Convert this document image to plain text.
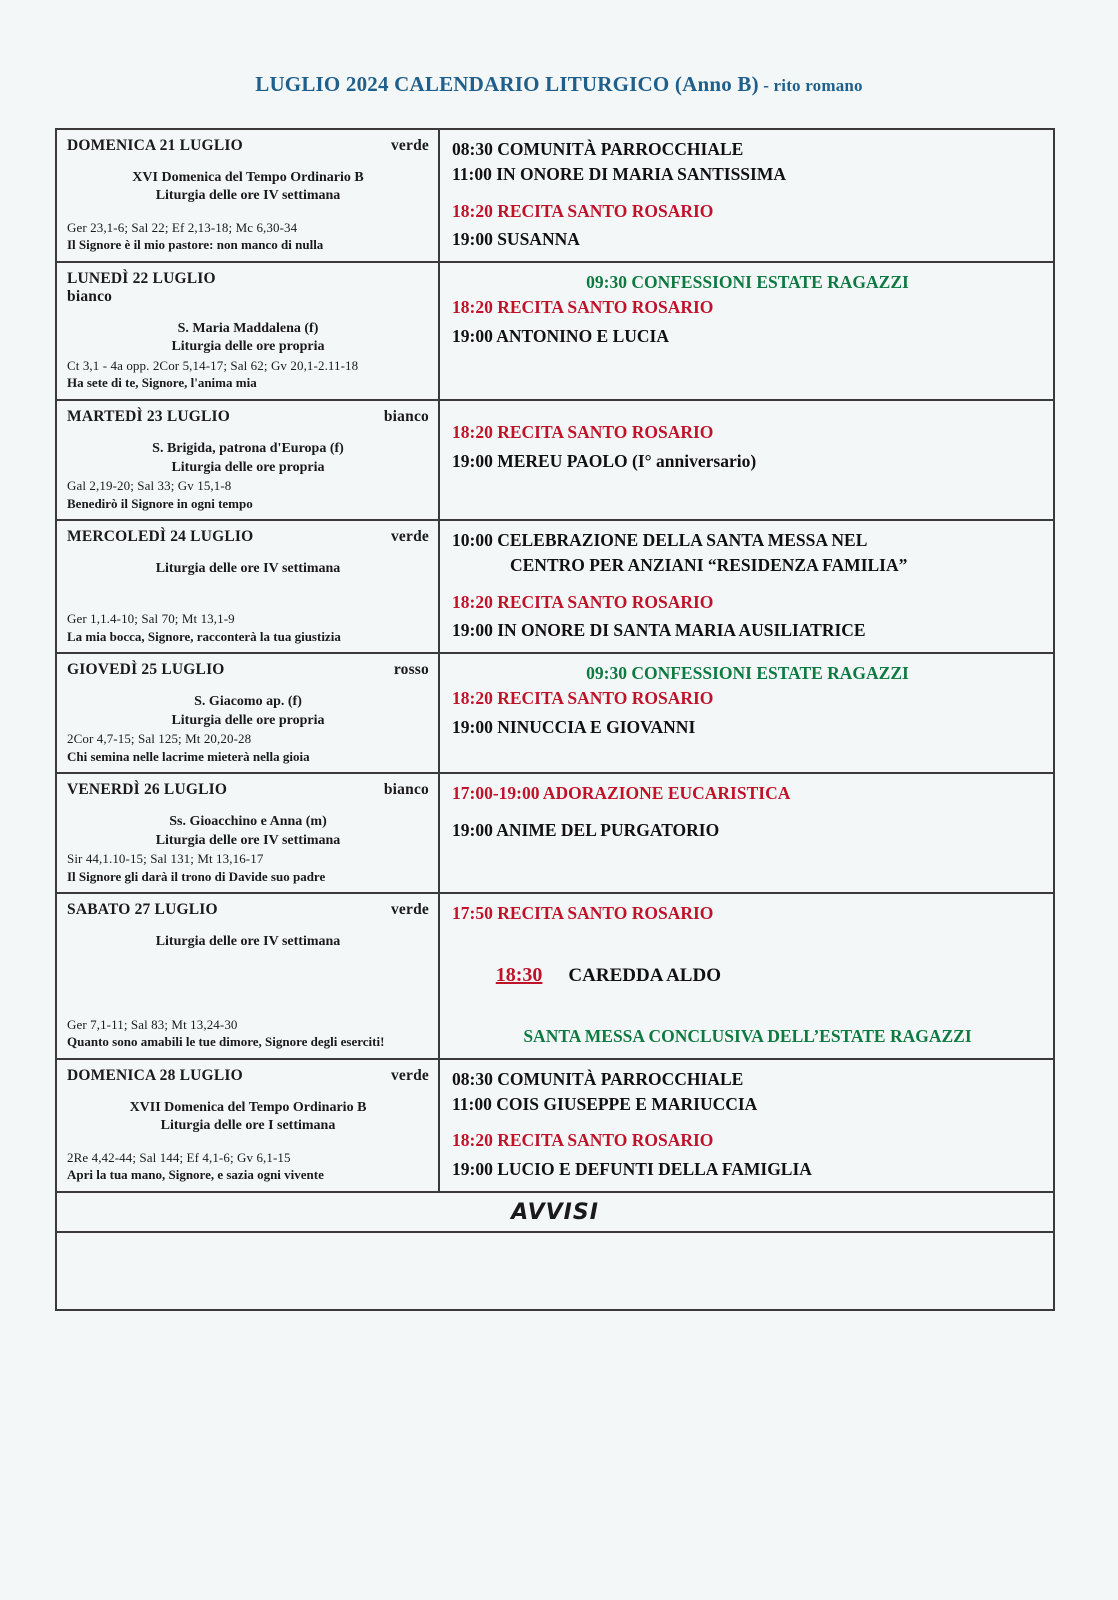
LUGLIO 2024 CALENDARIO LITURGICO (Anno B) - rito romano
DOMENICA 21 LUGLIO	verde
XVI Domenica del Tempo Ordinario B
Liturgia delle ore IV settimana
Ger 23,1-6; Sal 22; Ef 2,13-18; Mc 6,30-34
Il Signore è il mio pastore: non manco di nulla
08:30 COMUNITÀ PARROCCHIALE
11:00 IN ONORE DI MARIA SANTISSIMA
18:20 RECITA SANTO ROSARIO
19:00 SUSANNA
LUNEDÌ 22 LUGLIO
bianco
S. Maria Maddalena (f)
Liturgia delle ore propria
Ct 3,1 - 4a opp. 2Cor 5,14-17; Sal 62; Gv 20,1-2.11-18
Ha sete di te, Signore, l'anima mia
09:30 CONFESSIONI ESTATE RAGAZZI
18:20 RECITA SANTO ROSARIO
19:00 ANTONINO E LUCIA
MARTEDÌ 23 LUGLIO	bianco
S. Brigida, patrona d'Europa (f)
Liturgia delle ore propria
Gal 2,19-20; Sal 33; Gv 15,1-8
Benedirò il Signore in ogni tempo
18:20 RECITA SANTO ROSARIO
19:00 MEREU PAOLO (I° anniversario)
MERCOLEDÌ 24 LUGLIO	verde
Liturgia delle ore IV settimana
Ger 1,1.4-10; Sal 70; Mt 13,1-9
La mia bocca, Signore, racconterà la tua giustizia
10:00 CELEBRAZIONE DELLA SANTA MESSA NEL
CENTRO PER ANZIANI “RESIDENZA FAMILIA”
18:20 RECITA SANTO ROSARIO
19:00 IN ONORE DI SANTA MARIA AUSILIATRICE
GIOVEDÌ 25 LUGLIO	rosso
S. Giacomo ap. (f)
Liturgia delle ore propria
2Cor 4,7-15; Sal 125; Mt 20,20-28
Chi semina nelle lacrime mieterà nella gioia
09:30 CONFESSIONI ESTATE RAGAZZI
18:20 RECITA SANTO ROSARIO
19:00 NINUCCIA E GIOVANNI
VENERDÌ 26 LUGLIO	bianco
Ss. Gioacchino e Anna (m)
Liturgia delle ore IV settimana
Sir 44,1.10-15; Sal 131; Mt 13,16-17
Il Signore gli darà il trono di Davide suo padre
17:00-19:00 ADORAZIONE EUCARISTICA
19:00 ANIME DEL PURGATORIO
SABATO 27 LUGLIO	verde
Liturgia delle ore IV settimana
Ger 7,1-11; Sal 83; Mt 13,24-30
Quanto sono amabili le tue dimore, Signore degli eserciti!
17:50 RECITA SANTO ROSARIO

18:30 CAREDDA ALDO

SANTA MESSA CONCLUSIVA DELL’ESTATE RAGAZZI
DOMENICA 28 LUGLIO	verde
XVII Domenica del Tempo Ordinario B
Liturgia delle ore I settimana
2Re 4,42-44; Sal 144; Ef 4,1-6; Gv 6,1-15
Apri la tua mano, Signore, e sazia ogni vivente
08:30 COMUNITÀ PARROCCHIALE
11:00 COIS GIUSEPPE E MARIUCCIA
18:20 RECITA SANTO ROSARIO
19:00 LUCIO E DEFUNTI DELLA FAMIGLIA
AVVISI
